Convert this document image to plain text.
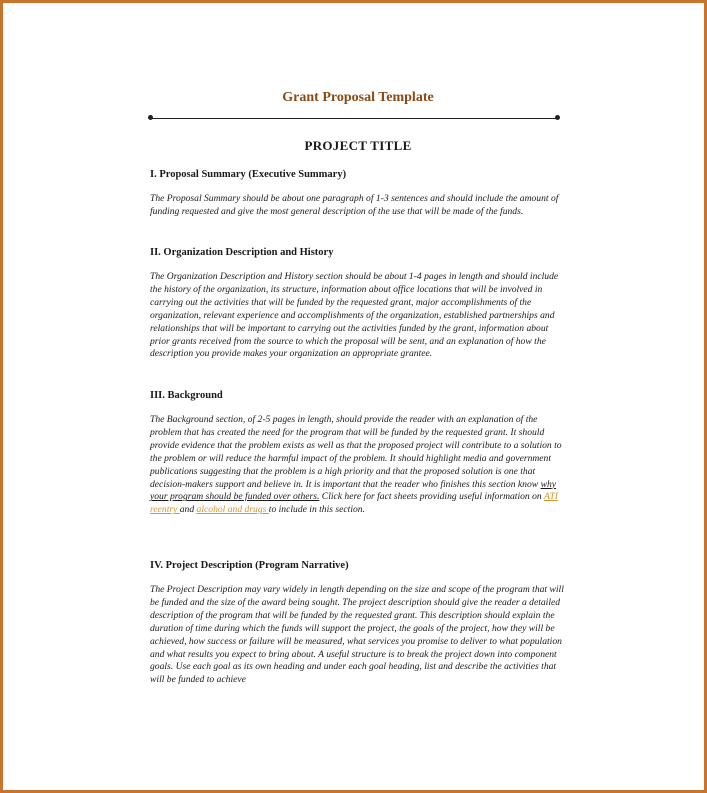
Grant Proposal Template
PROJECT TITLE
I. Proposal Summary (Executive Summary)

The Proposal Summary should be about one paragraph of 1-3 sentences and should include the amount of funding requested and give the most general description of the use that will be made of the funds.

II. Organization Description and History

The Organization Description and History section should be about 1-4 pages in length and should include the history of the organization, its structure, information about office locations that will be involved in carrying out the activities that will be funded by the requested grant, major accomplishments of the organization, relevant experience and accomplishments of the organization, established partnerships and relationships that will be important to carrying out the activities funded by the grant, information about prior grants received from the source to which the proposal will be sent, and an explanation of how the description you provide makes your organization an appropriate grantee.

III. Background

The Background section, of 2-5 pages in length, should provide the reader with an explanation of the problem that has created the need for the program that will be funded by the requested grant. It should provide evidence that the problem exists as well as that the proposed project will contribute to a solution to the problem or will reduce the harmful impact of the problem. It should highlight media and government publications suggesting that the problem is a high priority and that the proposed solution is one that decision-makers support and believe in. It is important that the reader who finishes this section know why your program should be funded over others. Click here for fact sheets providing useful information on ATI reentry and alcohol and drugs to include in this section.

IV. Project Description (Program Narrative)

The Project Description may vary widely in length depending on the size and scope of the program that will be funded and the size of the award being sought. The project description should give the reader a detailed description of the program that will be funded by the requested grant. This description should explain the duration of time during which the funds will support the project, the goals of the project, how they will be achieved, how success or failure will be measured, what services you promise to deliver to what population and what results you expect to bring about. A useful structure is to break the project down into component goals. Use each goal as its own heading and under each goal heading, list and describe the activities that will be funded to achieve
